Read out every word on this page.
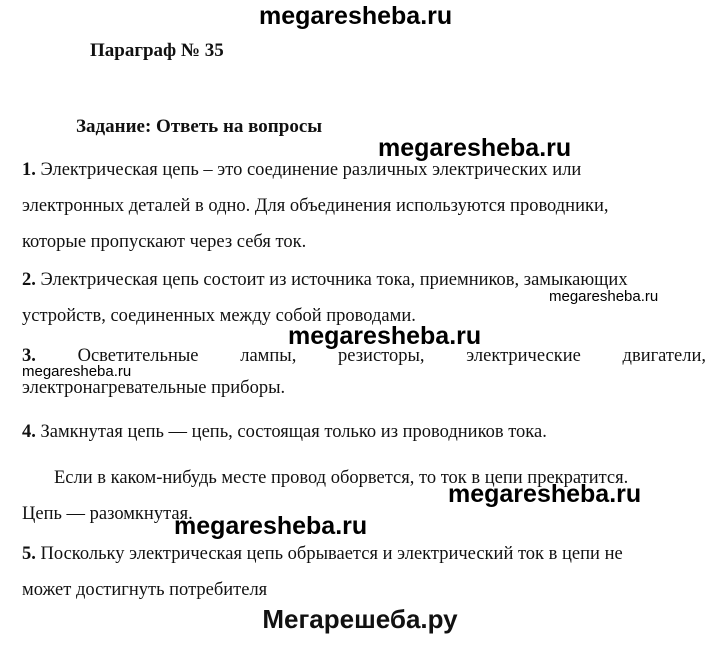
megaresheba.ru
Параграф № 35
Задание: Ответь на вопросы
megaresheba.ru
1. Электрическая цепь – это соединение различных электрических или
электронных деталей в одно. Для объединения используются проводники,
которые пропускают через себя ток.
2. Электрическая цепь состоит из источника тока, приемников, замыкающих
устройств, соединенных между собой проводами.
megaresheba.ru
megaresheba.ru
3. Осветительные лампы, резисторы, электрические двигатели,
электронагревательные приборы.
megaresheba.ru
4. Замкнутая цепь — цепь, состоящая только из проводников тока.
Если в каком-нибудь месте провод оборвется, то ток в цепи прекратится.
Цепь — разомкнутая.
megaresheba.ru
megaresheba.ru
5. Поскольку электрическая цепь обрывается и электрический ток в цепи не
может достигнуть потребителя
Мегарешеба.ру
